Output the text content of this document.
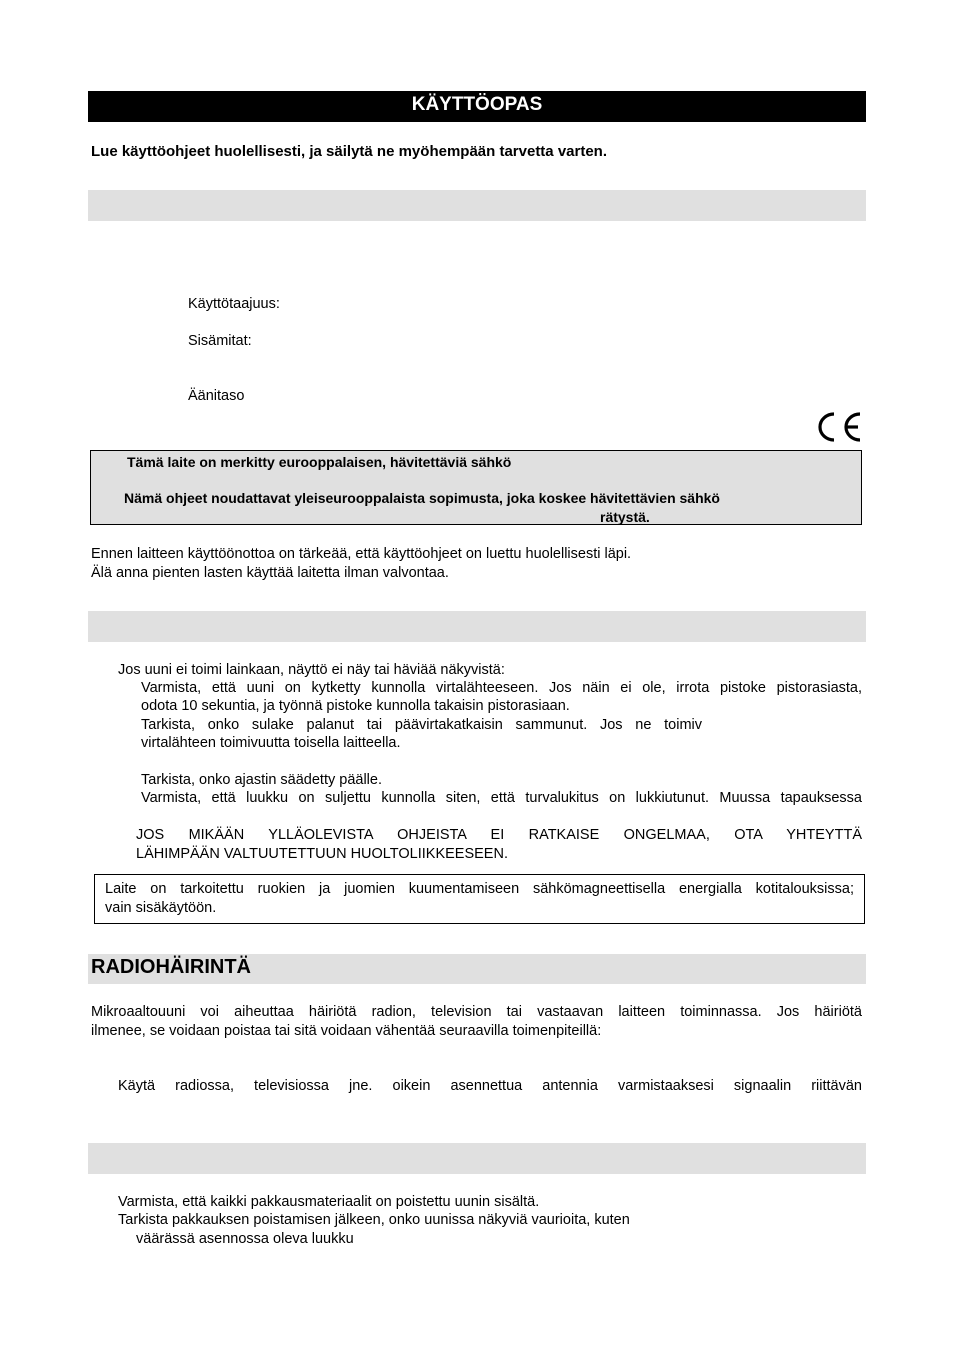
KÄYTTÖOPAS
Lue käyttöohjeet huolellisesti, ja säilytä ne myöhempään tarvetta varten.
Käyttötaajuus:
Sisämitat:
Äänitaso
Tämä laite on merkitty eurooppalaisen, hävitettäviä sähkö
Nämä ohjeet noudattavat yleiseurooppalaista sopimusta, joka koskee hävitettävien sähkö
rätystä.
Ennen laitteen käyttöönottoa on tärkeää, että käyttöohjeet on luettu huolellisesti läpi.
Älä anna pienten lasten käyttää laitetta ilman valvontaa.
Jos uuni ei toimi lainkaan, näyttö ei näy tai häviää näkyvistä:
Varmista, että uuni on kytketty kunnolla virtalähteeseen. Jos näin ei ole, irrota pistoke pistorasiasta,
odota 10 sekuntia, ja työnnä pistoke kunnolla takaisin pistorasiaan.
Tarkista, onko sulake palanut tai päävirtakatkaisin sammunut. Jos ne toimiv
virtalähteen toimivuutta toisella laitteella.
Tarkista, onko ajastin säädetty päälle.
Varmista, että luukku on suljettu kunnolla siten, että turvalukitus on lukkiutunut. Muussa tapauksessa
JOS MIKÄÄN YLLÄOLEVISTA OHJEISTA EI RATKAISE ONGELMAA, OTA YHTEYTTÄ
LÄHIMPÄÄN VALTUUTETTUUN HUOLTOLIIKKEESEEN.
Laite on tarkoitettu ruokien ja juomien kuumentamiseen sähkömagneettisella energialla kotitalouksissa;
vain sisäkäytöön.
RADIOHÄIRINTÄ
Mikroaaltouuni voi aiheuttaa häiriötä radion, television tai vastaavan laitteen toiminnassa. Jos häiriötä
ilmenee, se voidaan poistaa tai sitä voidaan vähentää seuraavilla toimenpiteillä:
Käytä radiossa, televisiossa jne. oikein asennettua antennia varmistaaksesi signaalin riittävän
Varmista, että kaikki pakkausmateriaalit on poistettu uunin sisältä.
Tarkista pakkauksen poistamisen jälkeen, onko uunissa näkyviä vaurioita, kuten
väärässä asennossa oleva luukku
